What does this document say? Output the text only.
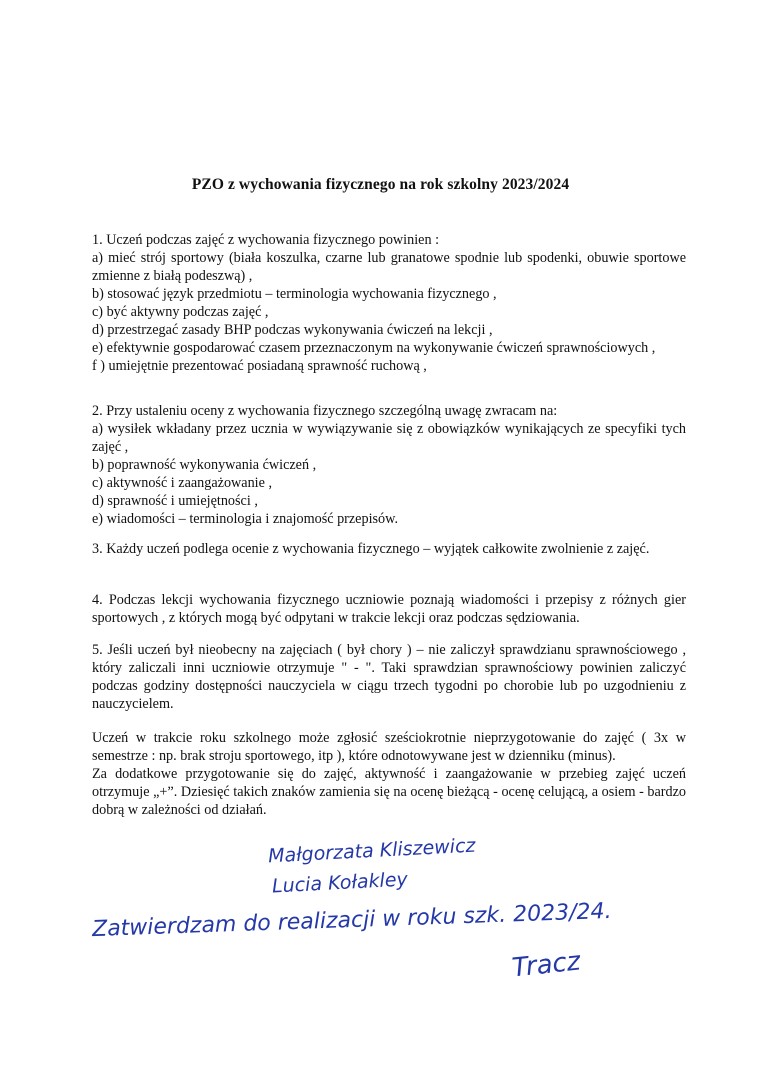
PZO z wychowania fizycznego na rok szkolny 2023/2024
1. Uczeń podczas zajęć z wychowania fizycznego powinien :
a) mieć strój sportowy (biała koszulka, czarne lub granatowe spodnie lub spodenki, obuwie sportowe zmienne z białą podeszwą) ,
b) stosować język przedmiotu – terminologia wychowania fizycznego ,
c) być aktywny podczas zajęć ,
d) przestrzegać zasady BHP podczas wykonywania ćwiczeń na lekcji ,
e) efektywnie gospodarować czasem przeznaczonym na wykonywanie ćwiczeń sprawnościowych ,
f ) umiejętnie prezentować posiadaną sprawność ruchową ,
2. Przy ustaleniu oceny z wychowania fizycznego szczególną uwagę zwracam na:
a) wysiłek wkładany przez ucznia w wywiązywanie się z obowiązków wynikających ze specyfiki tych zajęć ,
b) poprawność wykonywania ćwiczeń ,
c) aktywność i zaangażowanie ,
d) sprawność i umiejętności ,
e) wiadomości – terminologia i znajomość przepisów.
3. Każdy uczeń podlega ocenie z wychowania fizycznego – wyjątek całkowite zwolnienie z zajęć.
4. Podczas lekcji wychowania fizycznego uczniowie poznają wiadomości i przepisy z różnych gier sportowych , z których mogą być odpytani w trakcie lekcji oraz podczas sędziowania.
5. Jeśli uczeń był nieobecny na zajęciach ( był chory ) – nie zaliczył sprawdzianu sprawnościowego , który zaliczali inni uczniowie otrzymuje " - ". Taki sprawdzian sprawnościowy powinien zaliczyć podczas godziny dostępności nauczyciela w ciągu trzech tygodni po chorobie lub po uzgodnieniu z nauczycielem.
Uczeń w trakcie roku szkolnego może zgłosić sześciokrotnie nieprzygotowanie do zajęć ( 3x w semestrze : np. brak stroju sportowego, itp ), które odnotowywane jest w dzienniku (minus).
Za dodatkowe przygotowanie się do zajęć, aktywność i zaangażowanie w przebieg zajęć uczeń otrzymuje „+”. Dziesięć takich znaków zamienia się na ocenę bieżącą - ocenę celującą, a osiem - bardzo dobrą w zależności od działań.
Małgorzata Kliszewicz
Lucia Kołakley
Zatwierdzam do realizacji w roku szk. 2023/24.
Tracz
